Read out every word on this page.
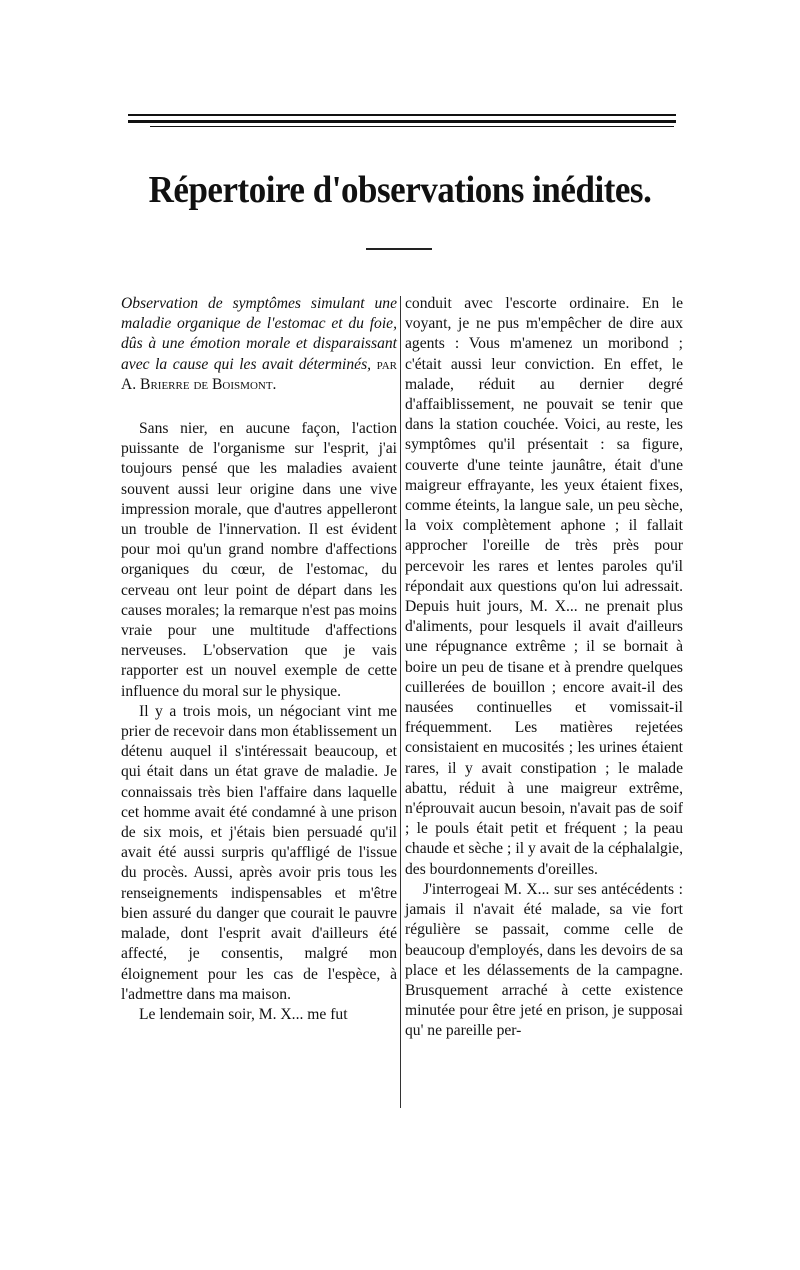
Répertoire d'observations inédites.

Observation de symptômes simulant une maladie organique de l'estomac et du foie, dûs à une émotion morale et disparaissant avec la cause qui les avait déterminés, par A. Brierre de Boismont.

Sans nier, en aucune façon, l'action puissante de l'organisme sur l'esprit, j'ai toujours pensé que les maladies avaient souvent aussi leur origine dans une vive impression morale, que d'autres appelleront un trouble de l'innervation. Il est évident pour moi qu'un grand nombre d'affections organiques du cœur, de l'estomac, du cerveau ont leur point de départ dans les causes morales; la remarque n'est pas moins vraie pour une multitude d'affections nerveuses. L'observation que je vais rapporter est un nouvel exemple de cette influence du moral sur le physique.

Il y a trois mois, un négociant vint me prier de recevoir dans mon établissement un détenu auquel il s'intéressait beaucoup, et qui était dans un état grave de maladie. Je connaissais très bien l'affaire dans laquelle cet homme avait été condamné à une prison de six mois, et j'étais bien persuadé qu'il avait été aussi surpris qu'affligé de l'issue du procès. Aussi, après avoir pris tous les renseignements indispensables et m'être bien assuré du danger que courait le pauvre malade, dont l'esprit avait d'ailleurs été affecté, je consentis, malgré mon éloignement pour les cas de l'espèce, à l'admettre dans ma maison.

Le lendemain soir, M. X... me fut

conduit avec l'escorte ordinaire. En le voyant, je ne pus m'empêcher de dire aux agents : Vous m'amenez un moribond ; c'était aussi leur conviction. En effet, le malade, réduit au dernier degré d'affaiblissement, ne pouvait se tenir que dans la station couchée. Voici, au reste, les symptômes qu'il présentait : sa figure, couverte d'une teinte jaunâtre, était d'une maigreur effrayante, les yeux étaient fixes, comme éteints, la langue sale, un peu sèche, la voix complètement aphone ; il fallait approcher l'oreille de très près pour percevoir les rares et lentes paroles qu'il répondait aux questions qu'on lui adressait. Depuis huit jours, M. X... ne prenait plus d'aliments, pour lesquels il avait d'ailleurs une répugnance extrême ; il se bornait à boire un peu de tisane et à prendre quelques cuillerées de bouillon ; encore avait-il des nausées continuelles et vomissait-il fréquemment. Les matières rejetées consistaient en mucosités ; les urines étaient rares, il y avait constipation ; le malade abattu, réduit à une maigreur extrême, n'éprouvait aucun besoin, n'avait pas de soif ; le pouls était petit et fréquent ; la peau chaude et sèche ; il y avait de la céphalalgie, des bourdonnements d'oreilles.

J'interrogeai M. X... sur ses antécédents : jamais il n'avait été malade, sa vie fort régulière se passait, comme celle de beaucoup d'employés, dans les devoirs de sa place et les délassements de la campagne. Brusquement arraché à cette existence minutée pour être jeté en prison, je supposai qu' ne pareille per-
